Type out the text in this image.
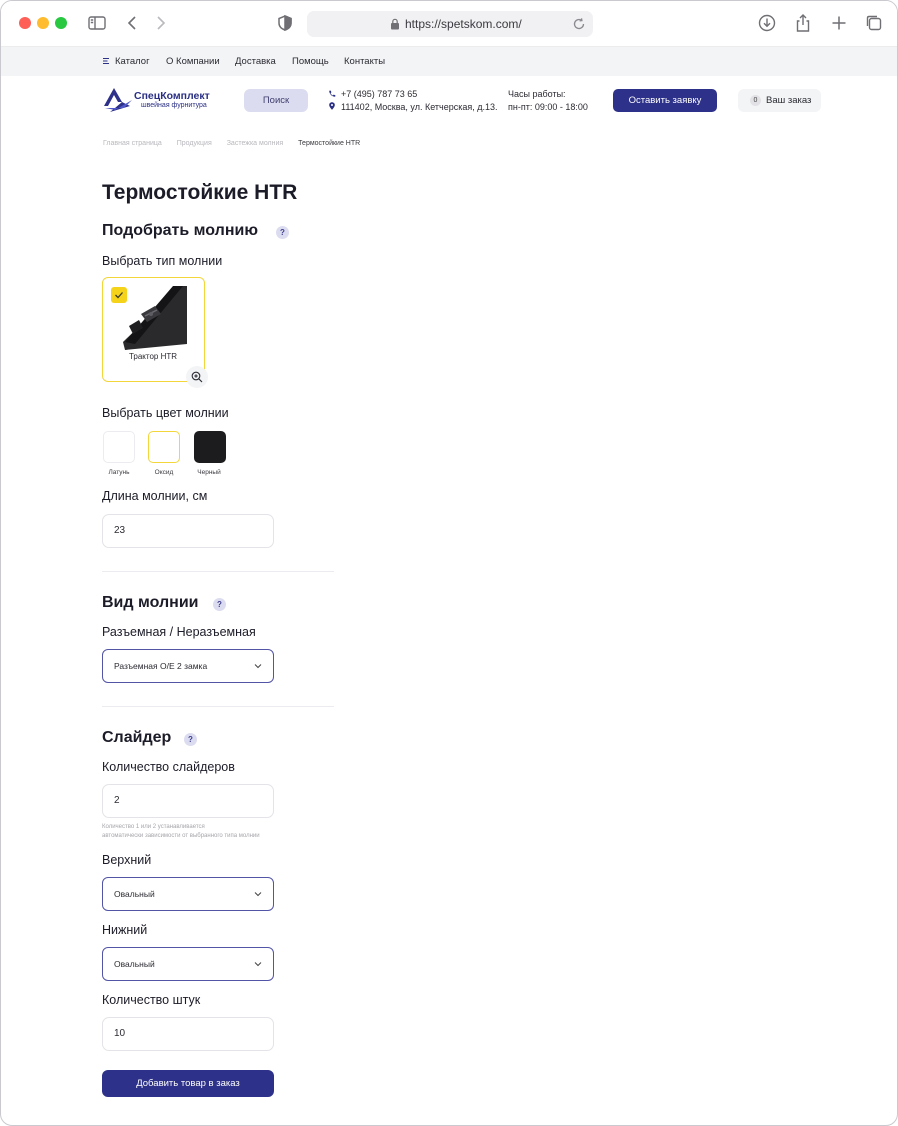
https://spetskom.com/
Каталог О Компании Доставка Помощь Контакты
СпецКомплект
швейная фурнитура	Поиск
+7 (495) 787 73 65
111402, Москва, ул. Кетчерская, д.13.
Часы работы:
пн-пт: 09:00 - 18:00
Оставить заявку	0 Ваш заказ
Главная страница Продукция Застежка молния Термостойкие HTR
Термостойкие HTR
Подобрать молнию	?
Выбрать тип молнии
Трактор HTR
Выбрать цвет молнии
Латунь	Оксид	Черный
Длина молнии, см
23
Вид молнии	?
Разъемная / Неразъемная
Разъемная O/E 2 замка
Слайдер	?
Количество слайдеров
2
Количество 1 или 2 устанавливается
автоматически зависимости от выбранного типа молнии
Верхний
Овальный
Нижний
Овальный
Количество штук
10
Добавить товар в заказ
